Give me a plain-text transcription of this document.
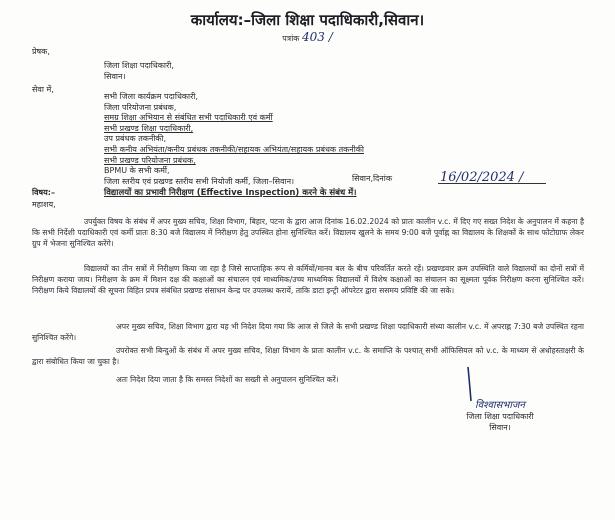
कार्यालय:–जिला शिक्षा पदाधिकारी,सिवान।
पत्रांक 403 /
प्रेषक,
जिला शिक्षा पदाधिकारी,
सिवान।
सेवा में,
सभी जिला कार्यक्रम पदाधिकारी,
जिला परियोजना प्रबंधक,
समग्र शिक्षा अभियान से संबंधित सभी पदाधिकारी एवं कर्मी
सभी प्रखण्ड शिक्षा पदाधिकारी,
उप प्रबंधक तकनीकी,
सभी कनीय अभियंता/कनीय प्रबंधक तकनीकी/सहायक अभियंता/सहायक प्रबंधक तकनीकी
सभी प्रखण्ड परियोजना प्रबंधक,
BPMU के सभी कर्मी,
जिला स्तरीय एवं प्रखण्ड स्तरीय सभी नियोजी कर्मी, जिला–सिवान।	सिवान,दिनांक	16/02/2024 /
विषय:–	विद्यालयों का प्रभावी निरीक्षण (Effective Inspection) करने के संबंध में।
महाशय,
उपर्युक्त विषय के संबंध में अपर मुख्य सचिव, शिक्षा विभाग, बिहार, पटना के द्वारा आज दिनांक 16.02.2024 को प्रातः कालीन v.c. में दिए गए सख्त निदेश के अनुपालन में कहना है कि सभी निर्देशी पदाधिकारी एवं कर्मी प्रातः 8:30 बजे विद्यालय में निरीक्षण हेतु उपस्थित होना सुनिश्चित करें। विद्यालय खुलने के समय 9:00 बजे पूर्वाह्न का विद्यालय के शिक्षकों के साथ फोटोग्राफ लेकर ग्रुप में भेजना सुनिश्चित करेंगे।
विद्यालयों का तीन सत्रों में निरीक्षण किया जा रहा है जिसे साप्ताहिक रूप से कर्मियों/मानव बल के बीच परिवर्तित करते रहें। प्रखण्डवार क्रम उपस्थिति वाले विद्यालयों का दोनों सत्रों में निरीक्षण कराया जाय। निरीक्षण के क्रम में मिशन दक्ष की कक्षाओं का संचालन एवं माध्यमिक/उच्च माध्यमिक विद्यालयों में विशेष कक्षाओं का संचालन का सूक्ष्मता पूर्वक निरीक्षण करना सुनिश्चित करें। निरीक्षण किये विद्यालयों की सूचना विहित प्रपत्र संबंधित प्रखण्ड संसाधन केन्द्र पर उपलब्ध करायें, ताकि डाटा इन्ट्री ऑपरेटर द्वारा ससमय प्रविष्टि की जा सके।
अपर मुख्य सचिव, शिक्षा विभाग द्वारा यह भी निदेश दिया गया कि आज से जिले के सभी प्रखण्ड शिक्षा पदाधिकारी संध्या कालीन v.c. में अपराह्न 7:30 बजे उपस्थित रहना सुनिश्चित करेंगे।
उपरोक्त सभी बिन्दुओं के संबंध में अपर मुख्य सचिव, शिक्षा विभाग के प्रातः कालीन v.c. के समाप्ति के पश्चात् सभी ऑफिसियल को v.c. के माध्यम से अधोहस्ताक्षरी के द्वारा संबोधित किया जा चुका है।
अतः निदेश दिया जाता है कि समस्त निदेशों का सख्ती से अनुपालन सुनिश्चित करें।
विश्वासभाजन
जिला शिक्षा पदाधिकारी
सिवान।
